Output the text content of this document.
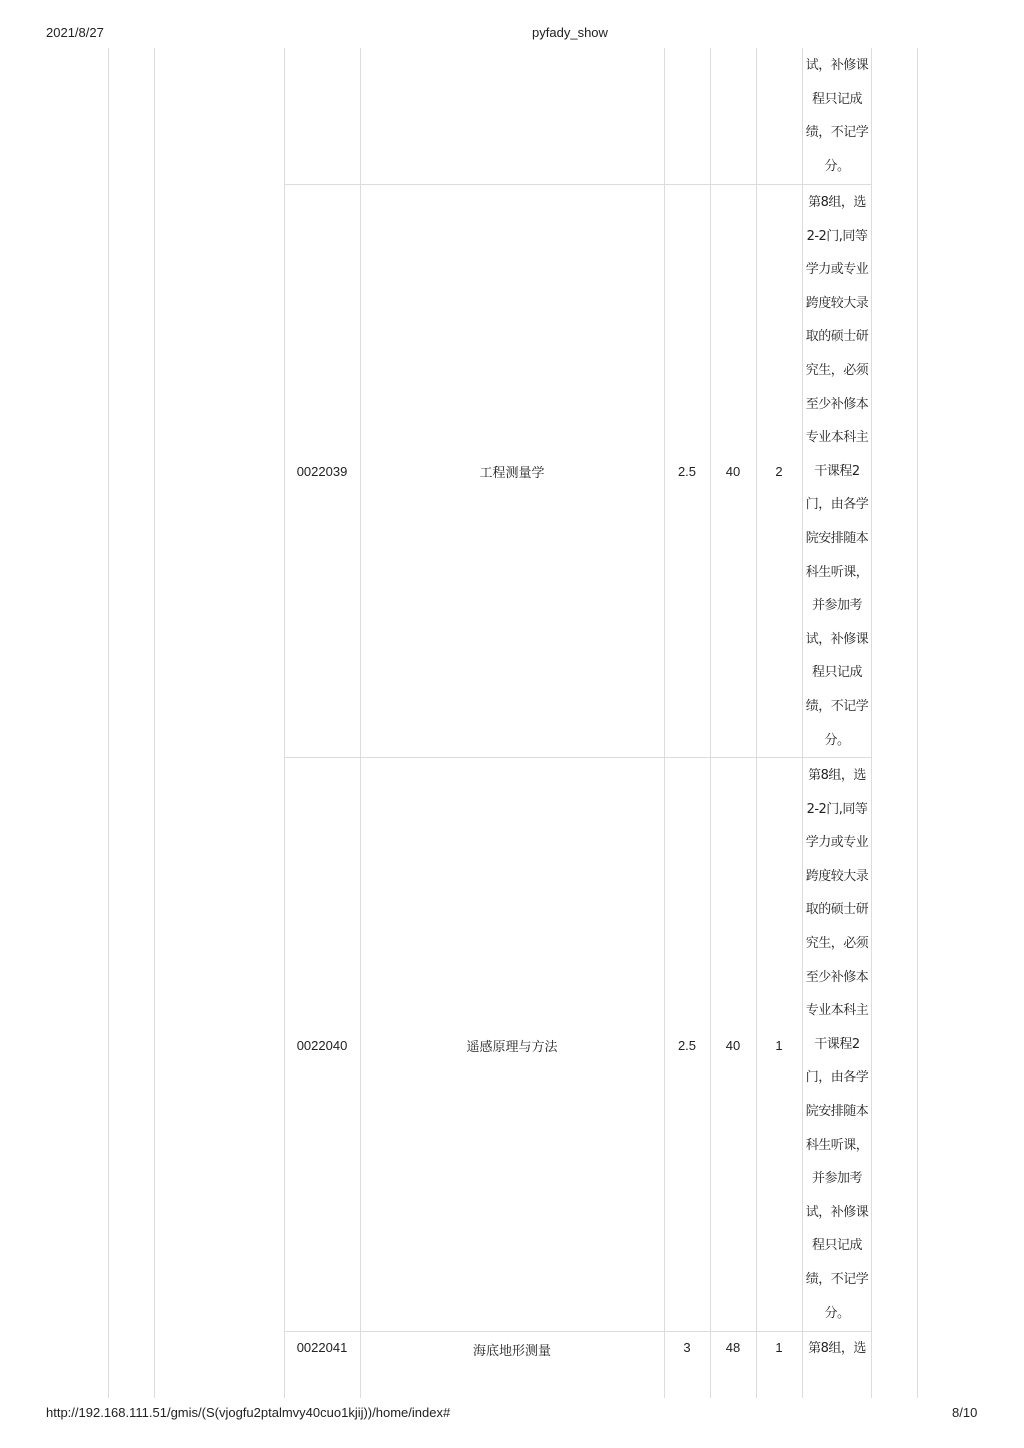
2021/8/27	pyfady_show
试，补修课
程只记成
绩，不记学
分。
0022039	工程测量学	2.5	40	2
第8组，选
2-2门,同等
学力或专业
跨度较大录
取的硕士研
究生，必须
至少补修本
专业本科主
干课程2
门，由各学
院安排随本
科生听课，
并参加考
试，补修课
程只记成
绩，不记学
分。
0022040	遥感原理与方法	2.5	40	1
第8组，选
2-2门,同等
学力或专业
跨度较大录
取的硕士研
究生，必须
至少补修本
专业本科主
干课程2
门，由各学
院安排随本
科生听课，
并参加考
试，补修课
程只记成
绩，不记学
分。
0022041	海底地形测量	3	48	1	第8组，选
http://192.168.111.51/gmis/(S(vjogfu2ptalmvy40cuo1kjij))/home/index#	8/10
